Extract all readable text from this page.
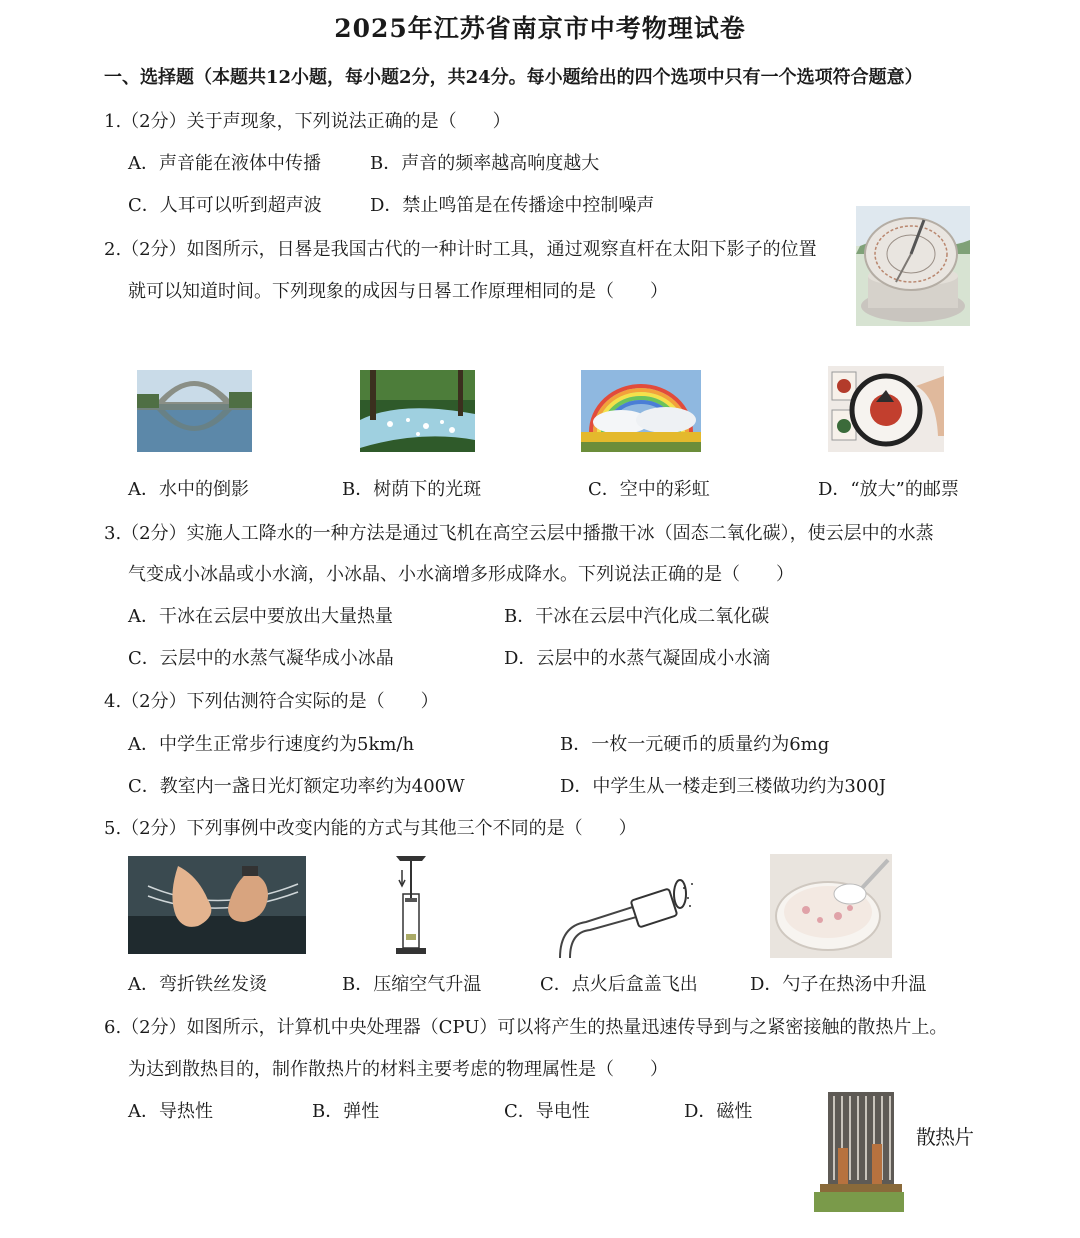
2025年江苏省南京市中考物理试卷
一、选择题（本题共12小题，每小题2分，共24分。每小题给出的四个选项中只有一个选项符合题意）
1.（2分）关于声现象，下列说法正确的是（　　）
A．声音能在液体中传播	B．声音的频率越高响度越大
C．人耳可以听到超声波	D．禁止鸣笛是在传播途中控制噪声
2.（2分）如图所示，日晷是我国古代的一种计时工具，通过观察直杆在太阳下影子的位置
就可以知道时间。下列现象的成因与日晷工作原理相同的是（　　）
A．水中的倒影	B．树荫下的光斑	C．空中的彩虹	D．“放大”的邮票
3.（2分）实施人工降水的一种方法是通过飞机在高空云层中播撒干冰（固态二氧化碳），使云层中的水蒸
气变成小冰晶或小水滴，小冰晶、小水滴增多形成降水。下列说法正确的是（　　）
A．干冰在云层中要放出大量热量	B．干冰在云层中汽化成二氧化碳
C．云层中的水蒸气凝华成小冰晶	D．云层中的水蒸气凝固成小水滴
4.（2分）下列估测符合实际的是（　　）
A．中学生正常步行速度约为5km/h	B．一枚一元硬币的质量约为6mg
C．教室内一盏日光灯额定功率约为400W	D．中学生从一楼走到三楼做功约为300J
5.（2分）下列事例中改变内能的方式与其他三个不同的是（　　）
A．弯折铁丝发烫	B．压缩空气升温	C．点火后盒盖飞出	D．勺子在热汤中升温
6.（2分）如图所示，计算机中央处理器（CPU）可以将产生的热量迅速传导到与之紧密接触的散热片上。
为达到散热目的，制作散热片的材料主要考虑的物理属性是（　　）
A．导热性	B．弹性	C．导电性	D．磁性
散热片
